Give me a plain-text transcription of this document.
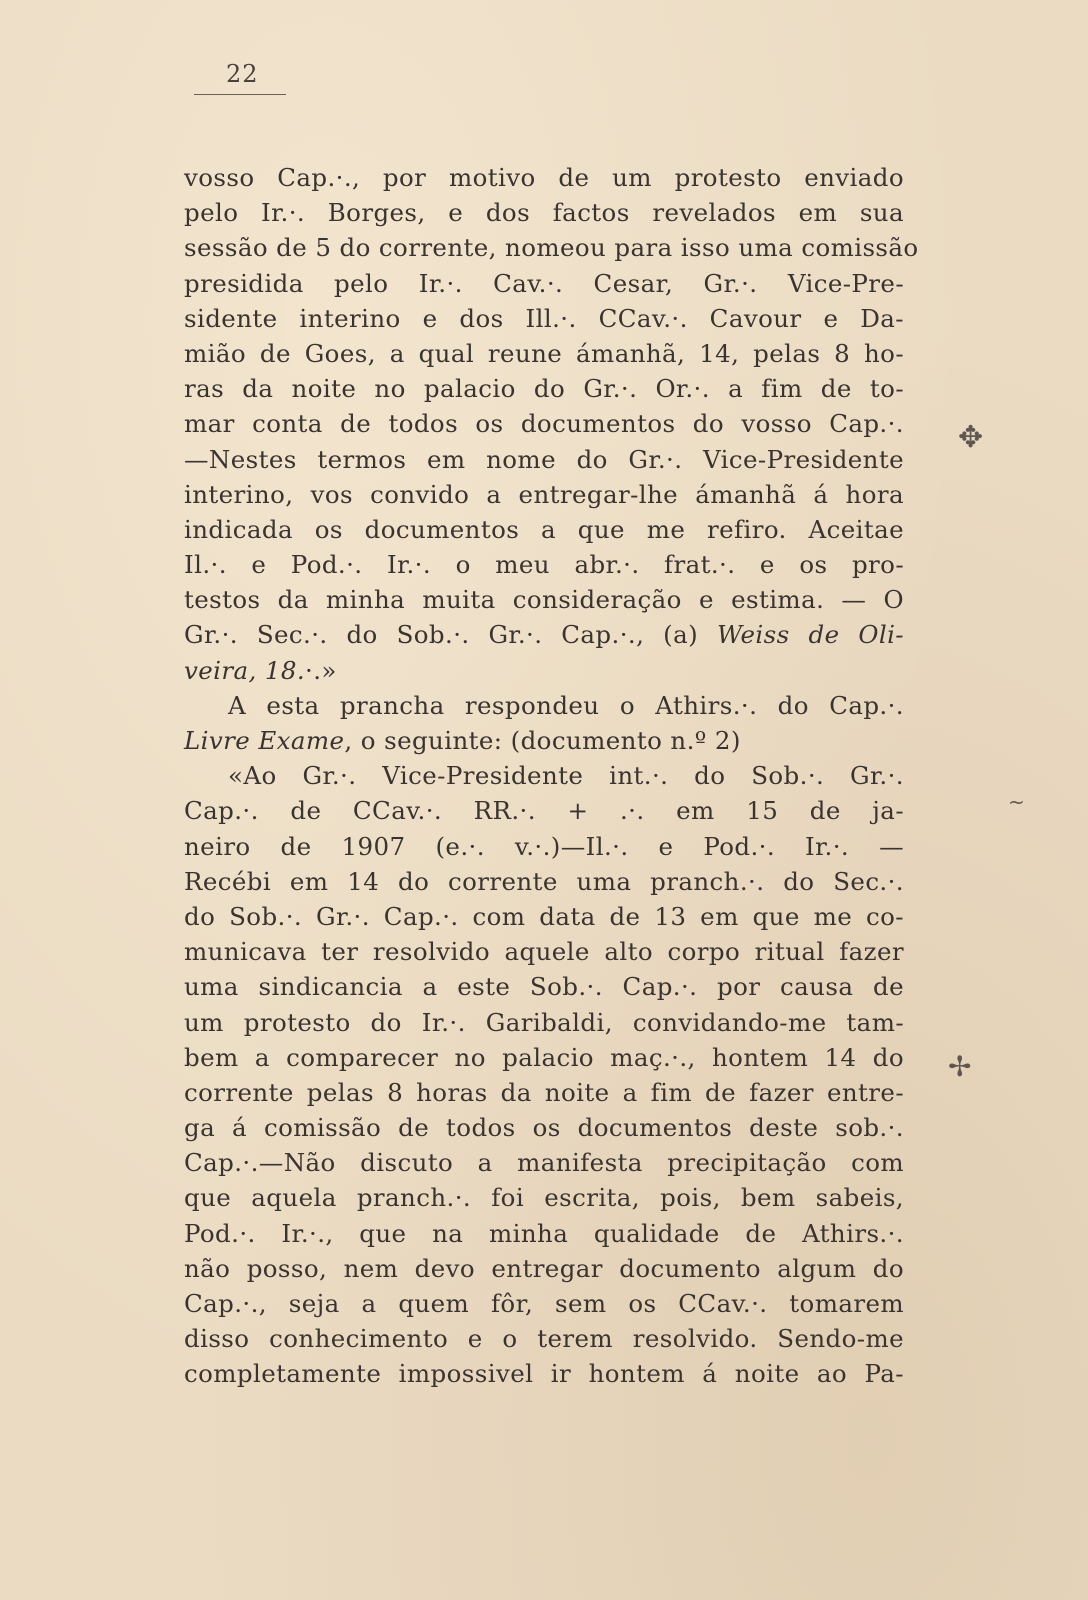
22
vosso Cap.·., por motivo de um protesto enviado
pelo Ir.·. Borges, e dos factos revelados em sua
sessão de 5 do corrente, nomeou para isso uma comissão
presidida pelo Ir.·. Cav.·. Cesar, Gr.·. Vice-Pre-
sidente interino e dos Ill.·. CCav.·. Cavour e Da-
mião de Goes, a qual reune ámanhã, 14, pelas 8 ho-
ras da noite no palacio do Gr.·. Or.·. a fim de to-
mar conta de todos os documentos do vosso Cap.·.
—Nestes termos em nome do Gr.·. Vice-Presidente
interino, vos convido a entregar-lhe ámanhã á hora
indicada os documentos a que me refiro. Aceitae
Il.·. e Pod.·. Ir.·. o meu abr.·. frat.·. e os pro-
testos da minha muita consideração e estima. — O
Gr.·. Sec.·. do Sob.·. Gr.·. Cap.·., (a) Weiss de Oli-
veira, 18.·.»
A esta prancha respondeu o Athirs.·. do Cap.·.
Livre Exame, o seguinte: (documento n.º 2)
«Ao Gr.·. Vice-Presidente int.·. do Sob.·. Gr.·.
Cap.·. de CCav.·. RR.·. + .·. em 15 de ja-
neiro de 1907 (e.·. v.·.)—Il.·. e Pod.·. Ir.·. —
Recébi em 14 do corrente uma pranch.·. do Sec.·.
do Sob.·. Gr.·. Cap.·. com data de 13 em que me co-
municava ter resolvido aquele alto corpo ritual fazer
uma sindicancia a este Sob.·. Cap.·. por causa de
um protesto do Ir.·. Garibaldi, convidando-me tam-
bem a comparecer no palacio maç.·., hontem 14 do
corrente pelas 8 horas da noite a fim de fazer entre-
ga á comissão de todos os documentos deste sob.·.
Cap.·.—Não discuto a manifesta precipitação com
que aquela pranch.·. foi escrita, pois, bem sabeis,
Pod.·. Ir.·., que na minha qualidade de Athirs.·.
não posso, nem devo entregar documento algum do
Cap.·., seja a quem fôr, sem os CCav.·. tomarem
disso conhecimento e o terem resolvido. Sendo-me
completamente impossivel ir hontem á noite ao Pa-
✥
✢
~
